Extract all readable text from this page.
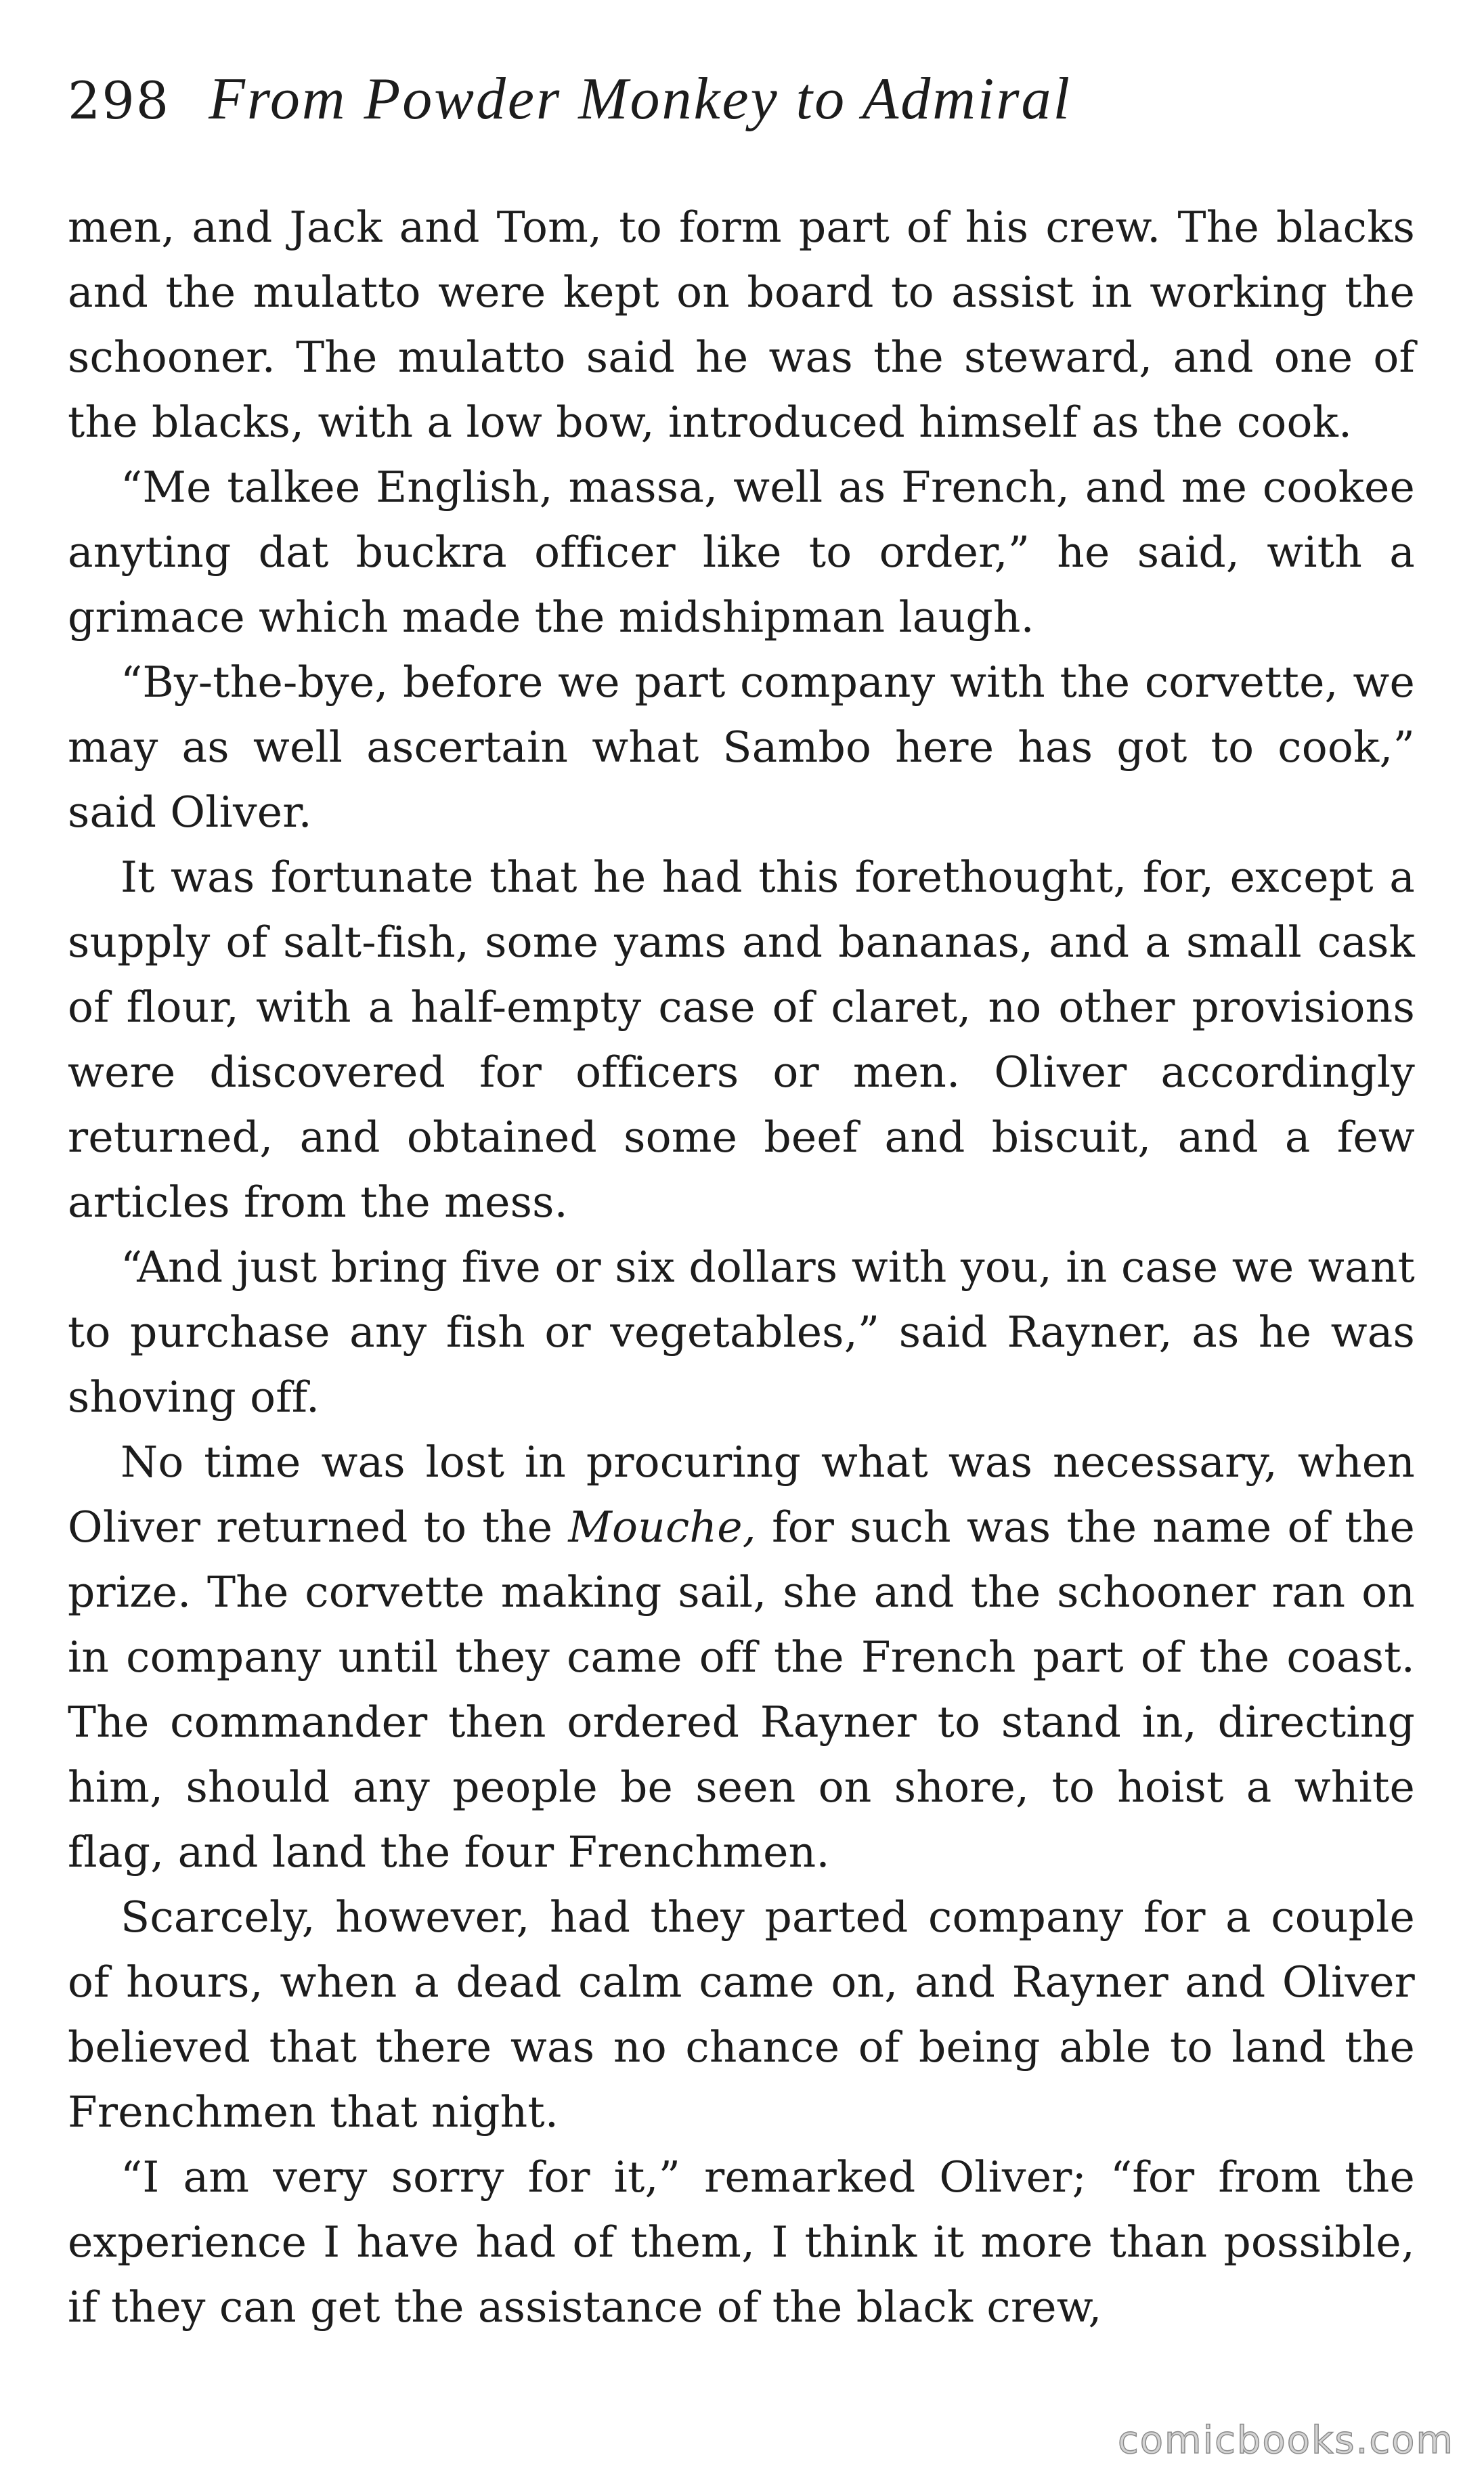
298 From Powder Monkey to Admiral

men, and Jack and Tom, to form part of his crew. The blacks and the mulatto were kept on board to assist in working the schooner. The mulatto said he was the steward, and one of the blacks, with a low bow, introduced himself as the cook.

“Me talkee English, massa, well as French, and me cookee anyting dat buckra officer like to order,” he said, with a grimace which made the midshipman laugh.

“By-the-bye, before we part company with the corvette, we may as well ascertain what Sambo here has got to cook,” said Oliver.

It was fortunate that he had this forethought, for, except a supply of salt-fish, some yams and bananas, and a small cask of flour, with a half-empty case of claret, no other provisions were discovered for officers or men. Oliver accordingly returned, and obtained some beef and biscuit, and a few articles from the mess.

“And just bring five or six dollars with you, in case we want to purchase any fish or vegetables,” said Rayner, as he was shoving off.

No time was lost in procuring what was necessary, when Oliver returned to the Mouche, for such was the name of the prize. The corvette making sail, she and the schooner ran on in company until they came off the French part of the coast. The commander then ordered Rayner to stand in, directing him, should any people be seen on shore, to hoist a white flag, and land the four Frenchmen.

Scarcely, however, had they parted company for a couple of hours, when a dead calm came on, and Rayner and Oliver believed that there was no chance of being able to land the Frenchmen that night.

“I am very sorry for it,” remarked Oliver; “for from the experience I have had of them, I think it more than possible, if they can get the assistance of the black crew,

comicbooks.com
